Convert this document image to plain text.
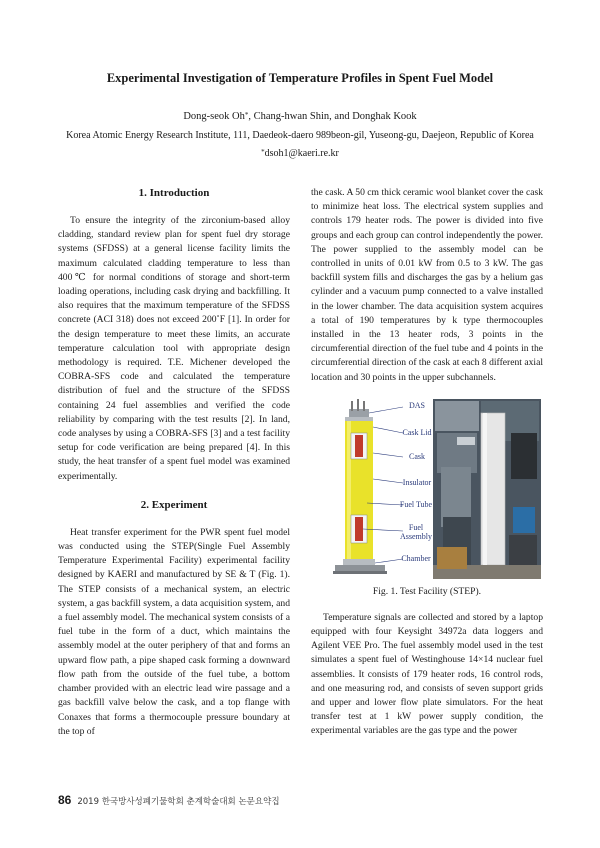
Experimental Investigation of Temperature Profiles in Spent Fuel Model
Dong-seok Oh*, Chang-hwan Shin, and Donghak Kook
Korea Atomic Energy Research Institute, 111, Daedeok-daero 989beon-gil, Yuseong-gu, Daejeon, Republic of Korea
*dsoh1@kaeri.re.kr
1. Introduction

To ensure the integrity of the zirconium-based alloy cladding, standard review plan for spent fuel dry storage systems (SFDSS) at a general license facility limits the maximum calculated cladding temperature to less than 400℃ for normal conditions of storage and short-term loading operations, including cask drying and backfilling. It also requires that the maximum temperature of the SFDSS concrete (ACI 318) does not exceed 200˚F [1]. In order for the design temperature to meet these limits, an accurate temperature calculation tool with appropriate design methodology is required. T.E. Michener developed the COBRA-SFS code and calculated the temperature distribution of fuel and the structure of the SFDSS containing 24 fuel assemblies and verified the code reliability by comparing with the test results [2]. In land, code analyses by using a COBRA-SFS [3] and a test facility setup for code verification are being prepared [4]. In this study, the heat transfer of a spent fuel model was examined experimentally.

2. Experiment

Heat transfer experiment for the PWR spent fuel model was conducted using the STEP(Single Fuel Assembly Temperature Experimental Facility) experimental facility designed by KAERI and manufactured by SE & T (Fig. 1). The STEP consists of a mechanical system, an electric system, a gas backfill system, a data acquisition system, and a fuel assembly model. The mechanical system consists of a fuel tube in the form of a duct, which maintains the assembly model at the outer periphery of that and forms an upward flow path, a pipe shaped cask forming a downward flow path from the outside of the fuel tube, a bottom chamber provided with an electric lead wire passage and a gas backfill valve below the cask, and a top flange with Conaxes that forms a thermocouple pressure boundary at the top of

the cask. A 50 cm thick ceramic wool blanket cover the cask to minimize heat loss. The electrical system supplies and controls 179 heater rods. The power is divided into five groups and each group can control independently the power. The power supplied to the assembly model can be controlled in units of 0.01 kW from 0.5 to 3 kW. The gas backfill system fills and discharges the gas by a helium gas cylinder and a vacuum pump connected to a valve installed in the lower chamber. The data acquisition system acquires a total of 190 temperatures by k type thermocouples installed in the 13 heater rods, 3 points in the circumferential direction of the fuel tube and 4 points in the circumferential direction of the cask at each 8 different axial location and 30 points in the upper subchannels.

DAS
Cask Lid
Cask
Insulator
Fuel Tube
Fuel
Assembly
Chamber
Fig. 1. Test Facility (STEP).

Temperature signals are collected and stored by a laptop equipped with four Keysight 34972a data loggers and Agilent VEE Pro. The fuel assembly model used in the test simulates a spent fuel of Westinghouse 14×14 nuclear fuel assemblies. It consists of 179 heater rods, 16 control rods, and one measuring rod, and consists of seven support grids and upper and lower flow plate simulators. For the heat transfer test at 1 kW power supply condition, the experimental variables are the gas type and the power

86 2019 한국방사성폐기물학회 춘계학술대회 논문요약집
